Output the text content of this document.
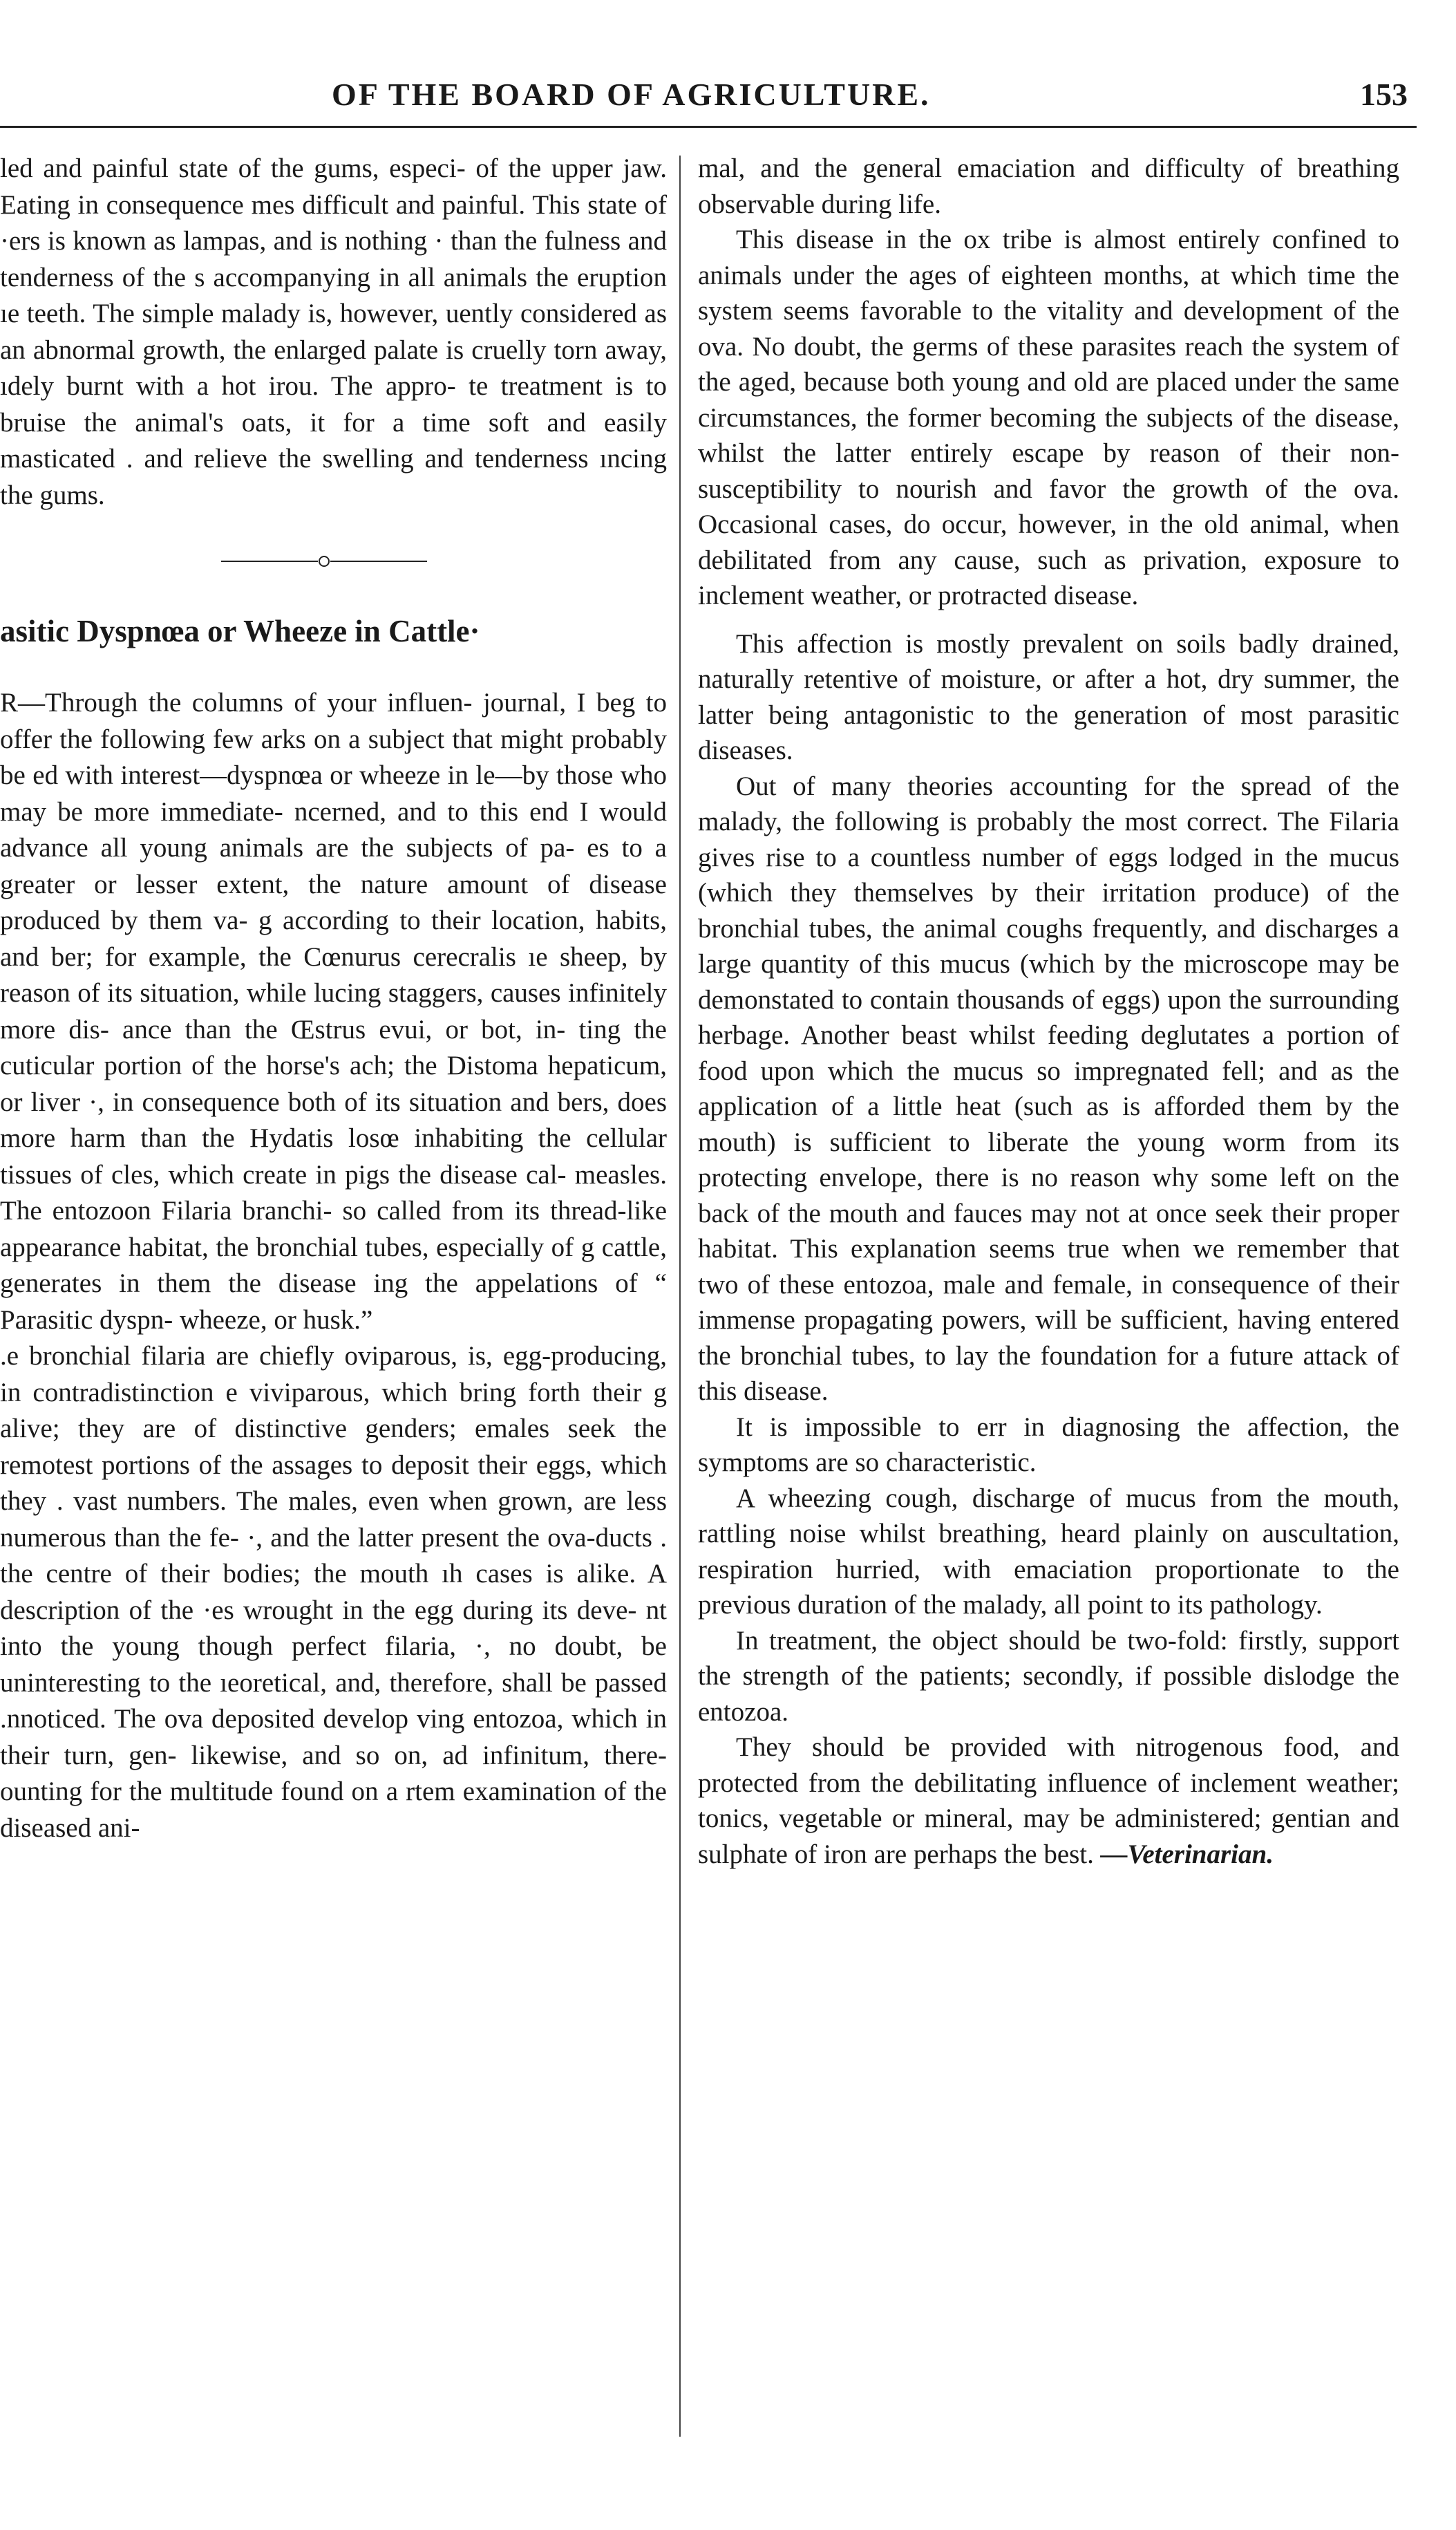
OF THE BOARD OF AGRICULTURE.	153

led and painful state of the gums, especi- of the upper jaw. Eating in consequence mes difficult and painful. This state of ·ers is known as lampas, and is nothing · than the fulness and tenderness of the s accompanying in all animals the eruption ıe teeth. The simple malady is, however, uently considered as an abnormal growth, the enlarged palate is cruelly torn away, ıdely burnt with a hot irou. The appro- te treatment is to bruise the animal's oats, it for a time soft and easily masticated . and relieve the swelling and tenderness ıncing the gums.

asitic Dyspnœa or Wheeze in Cattle·

R—Through the columns of your influen- journal, I beg to offer the following few arks on a subject that might probably be ed with interest—dyspnœa or wheeze in le—by those who may be more immediate- ncerned, and to this end I would advance all young animals are the subjects of pa- es to a greater or lesser extent, the nature amount of disease produced by them va- g according to their location, habits, and ber; for example, the Cœnurus cerecralis ıe sheep, by reason of its situation, while lucing staggers, causes infinitely more dis- ance than the Œstrus evui, or bot, in- ting the cuticular portion of the horse's ach; the Distoma hepaticum, or liver ·, in consequence both of its situation and bers, does more harm than the Hydatis losœ inhabiting the cellular tissues of cles, which create in pigs the disease cal- measles. The entozoon Filaria branchi- so called from its thread-like appearance habitat, the bronchial tubes, especially of g cattle, generates in them the disease ing the appelations of “ Parasitic dyspn- wheeze, or husk.”

.e bronchial filaria are chiefly oviparous, is, egg-producing, in contradistinction e viviparous, which bring forth their g alive; they are of distinctive genders; emales seek the remotest portions of the assages to deposit their eggs, which they . vast numbers. The males, even when grown, are less numerous than the fe- ·, and the latter present the ova-ducts . the centre of their bodies; the mouth ıh cases is alike. A description of the ·es wrought in the egg during its deve- nt into the young though perfect filaria, ·, no doubt, be uninteresting to the ıeoretical, and, therefore, shall be passed .nnoticed. The ova deposited develop ving entozoa, which in their turn, gen- likewise, and so on, ad infinitum, there- ounting for the multitude found on a rtem examination of the diseased ani-

mal, and the general emaciation and difficulty of breathing observable during life.

This disease in the ox tribe is almost entirely confined to animals under the ages of eighteen months, at which time the system seems favorable to the vitality and development of the ova. No doubt, the germs of these parasites reach the system of the aged, because both young and old are placed under the same circumstances, the former becoming the subjects of the disease, whilst the latter entirely escape by reason of their non-susceptibility to nourish and favor the growth of the ova. Occasional cases, do occur, however, in the old animal, when debilitated from any cause, such as privation, exposure to inclement weather, or protracted disease.

This affection is mostly prevalent on soils badly drained, naturally retentive of moisture, or after a hot, dry summer, the latter being antagonistic to the generation of most parasitic diseases.

Out of many theories accounting for the spread of the malady, the following is probably the most correct. The Filaria gives rise to a countless number of eggs lodged in the mucus (which they themselves by their irritation produce) of the bronchial tubes, the animal coughs frequently, and discharges a large quantity of this mucus (which by the microscope may be demonstated to contain thousands of eggs) upon the surrounding herbage. Another beast whilst feeding deglutates a portion of food upon which the mucus so impregnated fell; and as the application of a little heat (such as is afforded them by the mouth) is sufficient to liberate the young worm from its protecting envelope, there is no reason why some left on the back of the mouth and fauces may not at once seek their proper habitat. This explanation seems true when we remember that two of these entozoa, male and female, in consequence of their immense propagating powers, will be sufficient, having entered the bronchial tubes, to lay the foundation for a future attack of this disease.

It is impossible to err in diagnosing the affection, the symptoms are so characteristic.

A wheezing cough, discharge of mucus from the mouth, rattling noise whilst breathing, heard plainly on auscultation, respiration hurried, with emaciation proportionate to the previous duration of the malady, all point to its pathology.

In treatment, the object should be two-fold: firstly, support the strength of the patients; secondly, if possible dislodge the entozoa.

They should be provided with nitrogenous food, and protected from the debilitating influence of inclement weather; tonics, vegetable or mineral, may be administered; gentian and sulphate of iron are perhaps the best. —Veterinarian.
